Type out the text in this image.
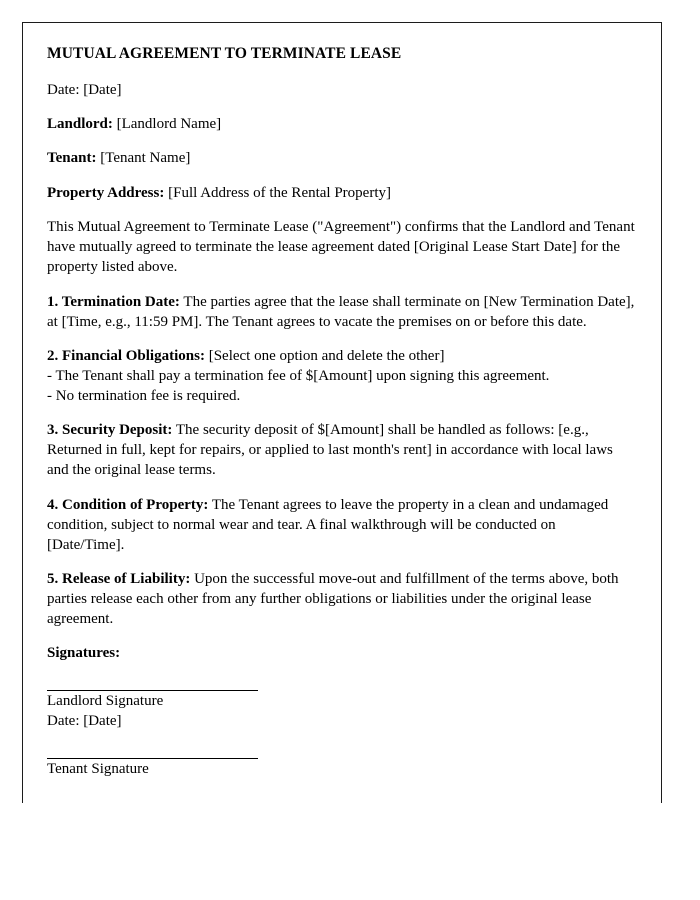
MUTUAL AGREEMENT TO TERMINATE LEASE

Date: [Date]

Landlord: [Landlord Name]

Tenant: [Tenant Name]

Property Address: [Full Address of the Rental Property]

This Mutual Agreement to Terminate Lease ("Agreement") confirms that the Landlord and Tenant have mutually agreed to terminate the lease agreement dated [Original Lease Start Date] for the property listed above.

1. Termination Date: The parties agree that the lease shall terminate on [New Termination Date], at [Time, e.g., 11:59 PM]. The Tenant agrees to vacate the premises on or before this date.

2. Financial Obligations: [Select one option and delete the other]

- The Tenant shall pay a termination fee of $[Amount] upon signing this agreement.
- No termination fee is required.

3. Security Deposit: The security deposit of $[Amount] shall be handled as follows: [e.g., Returned in full, kept for repairs, or applied to last month's rent] in accordance with local laws and the original lease terms.

4. Condition of Property: The Tenant agrees to leave the property in a clean and undamaged condition, subject to normal wear and tear. A final walkthrough will be conducted on [Date/Time].

5. Release of Liability: Upon the successful move-out and fulfillment of the terms above, both parties release each other from any further obligations or liabilities under the original lease agreement.

Signatures:

Landlord Signature

Date: [Date]

Tenant Signature
